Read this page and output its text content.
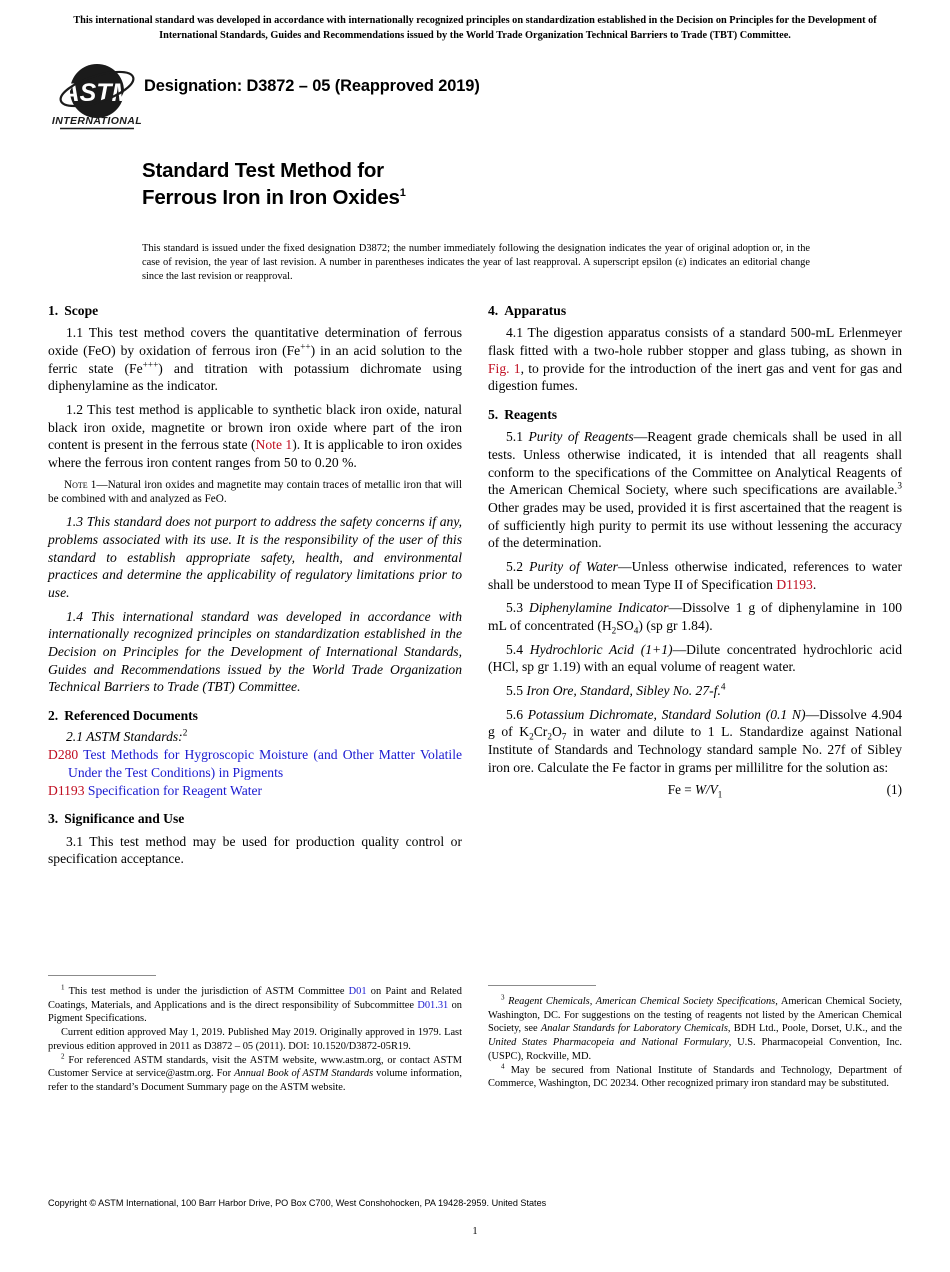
This international standard was developed in accordance with internationally recognized principles on standardization established in the Decision on Principles for the Development of International Standards, Guides and Recommendations issued by the World Trade Organization Technical Barriers to Trade (TBT) Committee.
ASTM
INTERNATIONAL
Designation: D3872 – 05 (Reapproved 2019)
Standard Test Method for
Ferrous Iron in Iron Oxides$^1$
This standard is issued under the fixed designation D3872; the number immediately following the designation indicates the year of original adoption or, in the case of revision, the year of last revision. A number in parentheses indicates the year of last reapproval. A superscript epsilon (ε) indicates an editorial change since the last revision or reapproval.
1. Scope

1.1 This test method covers the quantitative determination of ferrous oxide (FeO) by oxidation of ferrous iron (Fe++) in an acid solution to the ferric state (Fe+++) and titration with potassium dichromate using diphenylamine as the indicator.

1.2 This test method is applicable to synthetic black iron oxide, natural black iron oxide, magnetite or brown iron oxide where part of the iron content is present in the ferrous state (Note 1). It is applicable to iron oxides where the ferrous iron content ranges from 50 to 0.20 %.

Note 1—Natural iron oxides and magnetite may contain traces of metallic iron that will be combined with and analyzed as FeO.

1.3 This standard does not purport to address the safety concerns if any, problems associated with its use. It is the responsibility of the user of this standard to establish appropriate safety, health, and environmental practices and determine the applicability of regulatory limitations prior to use.

1.4 This international standard was developed in accordance with internationally recognized principles on standardization established in the Decision on Principles for the Development of International Standards, Guides and Recommendations issued by the World Trade Organization Technical Barriers to Trade (TBT) Committee.

2. Referenced Documents

2.1 ASTM Standards:$^2$

D280 Test Methods for Hygroscopic Moisture (and Other Matter Volatile Under the Test Conditions) in Pigments

D1193 Specification for Reagent Water

3. Significance and Use

3.1 This test method may be used for production quality control or specification acceptance.

$^1$ This test method is under the jurisdiction of ASTM Committee D01 on Paint and Related Coatings, Materials, and Applications and is the direct responsibility of Subcommittee D01.31 on Pigment Specifications.

Current edition approved May 1, 2019. Published May 2019. Originally approved in 1979. Last previous edition approved in 2011 as D3872 – 05 (2011). DOI: 10.1520/D3872-05R19.

$^2$ For referenced ASTM standards, visit the ASTM website, www.astm.org, or contact ASTM Customer Service at service@astm.org. For Annual Book of ASTM Standards volume information, refer to the standard’s Document Summary page on the ASTM website.

4. Apparatus

4.1 The digestion apparatus consists of a standard 500-mL Erlenmeyer flask fitted with a two-hole rubber stopper and glass tubing, as shown in Fig. 1, to provide for the introduction of the inert gas and vent for gas and digestion fumes.

5. Reagents

5.1 Purity of Reagents—Reagent grade chemicals shall be used in all tests. Unless otherwise indicated, it is intended that all reagents shall conform to the specifications of the Committee on Analytical Reagents of the American Chemical Society, where such specifications are available.$^3$ Other grades may be used, provided it is first ascertained that the reagent is of sufficiently high purity to permit its use without lessening the accuracy of the determination.

5.2 Purity of Water—Unless otherwise indicated, references to water shall be understood to mean Type II of Specification D1193.

5.3 Diphenylamine Indicator—Dissolve 1 g of diphenylamine in 100 mL of concentrated $(H_2SO_4)$ (sp gr 1.84).

5.4 Hydrochloric Acid (1+1)—Dilute concentrated hydrochloric acid (HCl, sp gr 1.19) with an equal volume of reagent water.

5.5 Iron Ore, Standard, Sibley No. 27-f.$^4$

5.6 Potassium Dichromate, Standard Solution (0.1 N)—Dissolve 4.904 g of $K_2Cr_2O_7$ in water and dilute to 1 L. Standardize against National Institute of Standards and Technology standard sample No. 27f of Sibley iron ore. Calculate the Fe factor in grams per millilitre for the solution as:

$Fe = W/V_1$	(1)

$^3$ Reagent Chemicals, American Chemical Society Specifications, American Chemical Society, Washington, DC. For suggestions on the testing of reagents not listed by the American Chemical Society, see Analar Standards for Laboratory Chemicals, BDH Ltd., Poole, Dorset, U.K., and the United States Pharmacopeia and National Formulary, U.S. Pharmacopeial Convention, Inc. (USPC), Rockville, MD.

$^4$ May be secured from National Institute of Standards and Technology, Department of Commerce, Washington, DC 20234. Other recognized primary iron standard may be substituted.

Copyright © ASTM International, 100 Barr Harbor Drive, PO Box C700, West Conshohocken, PA 19428-2959. United States
1
